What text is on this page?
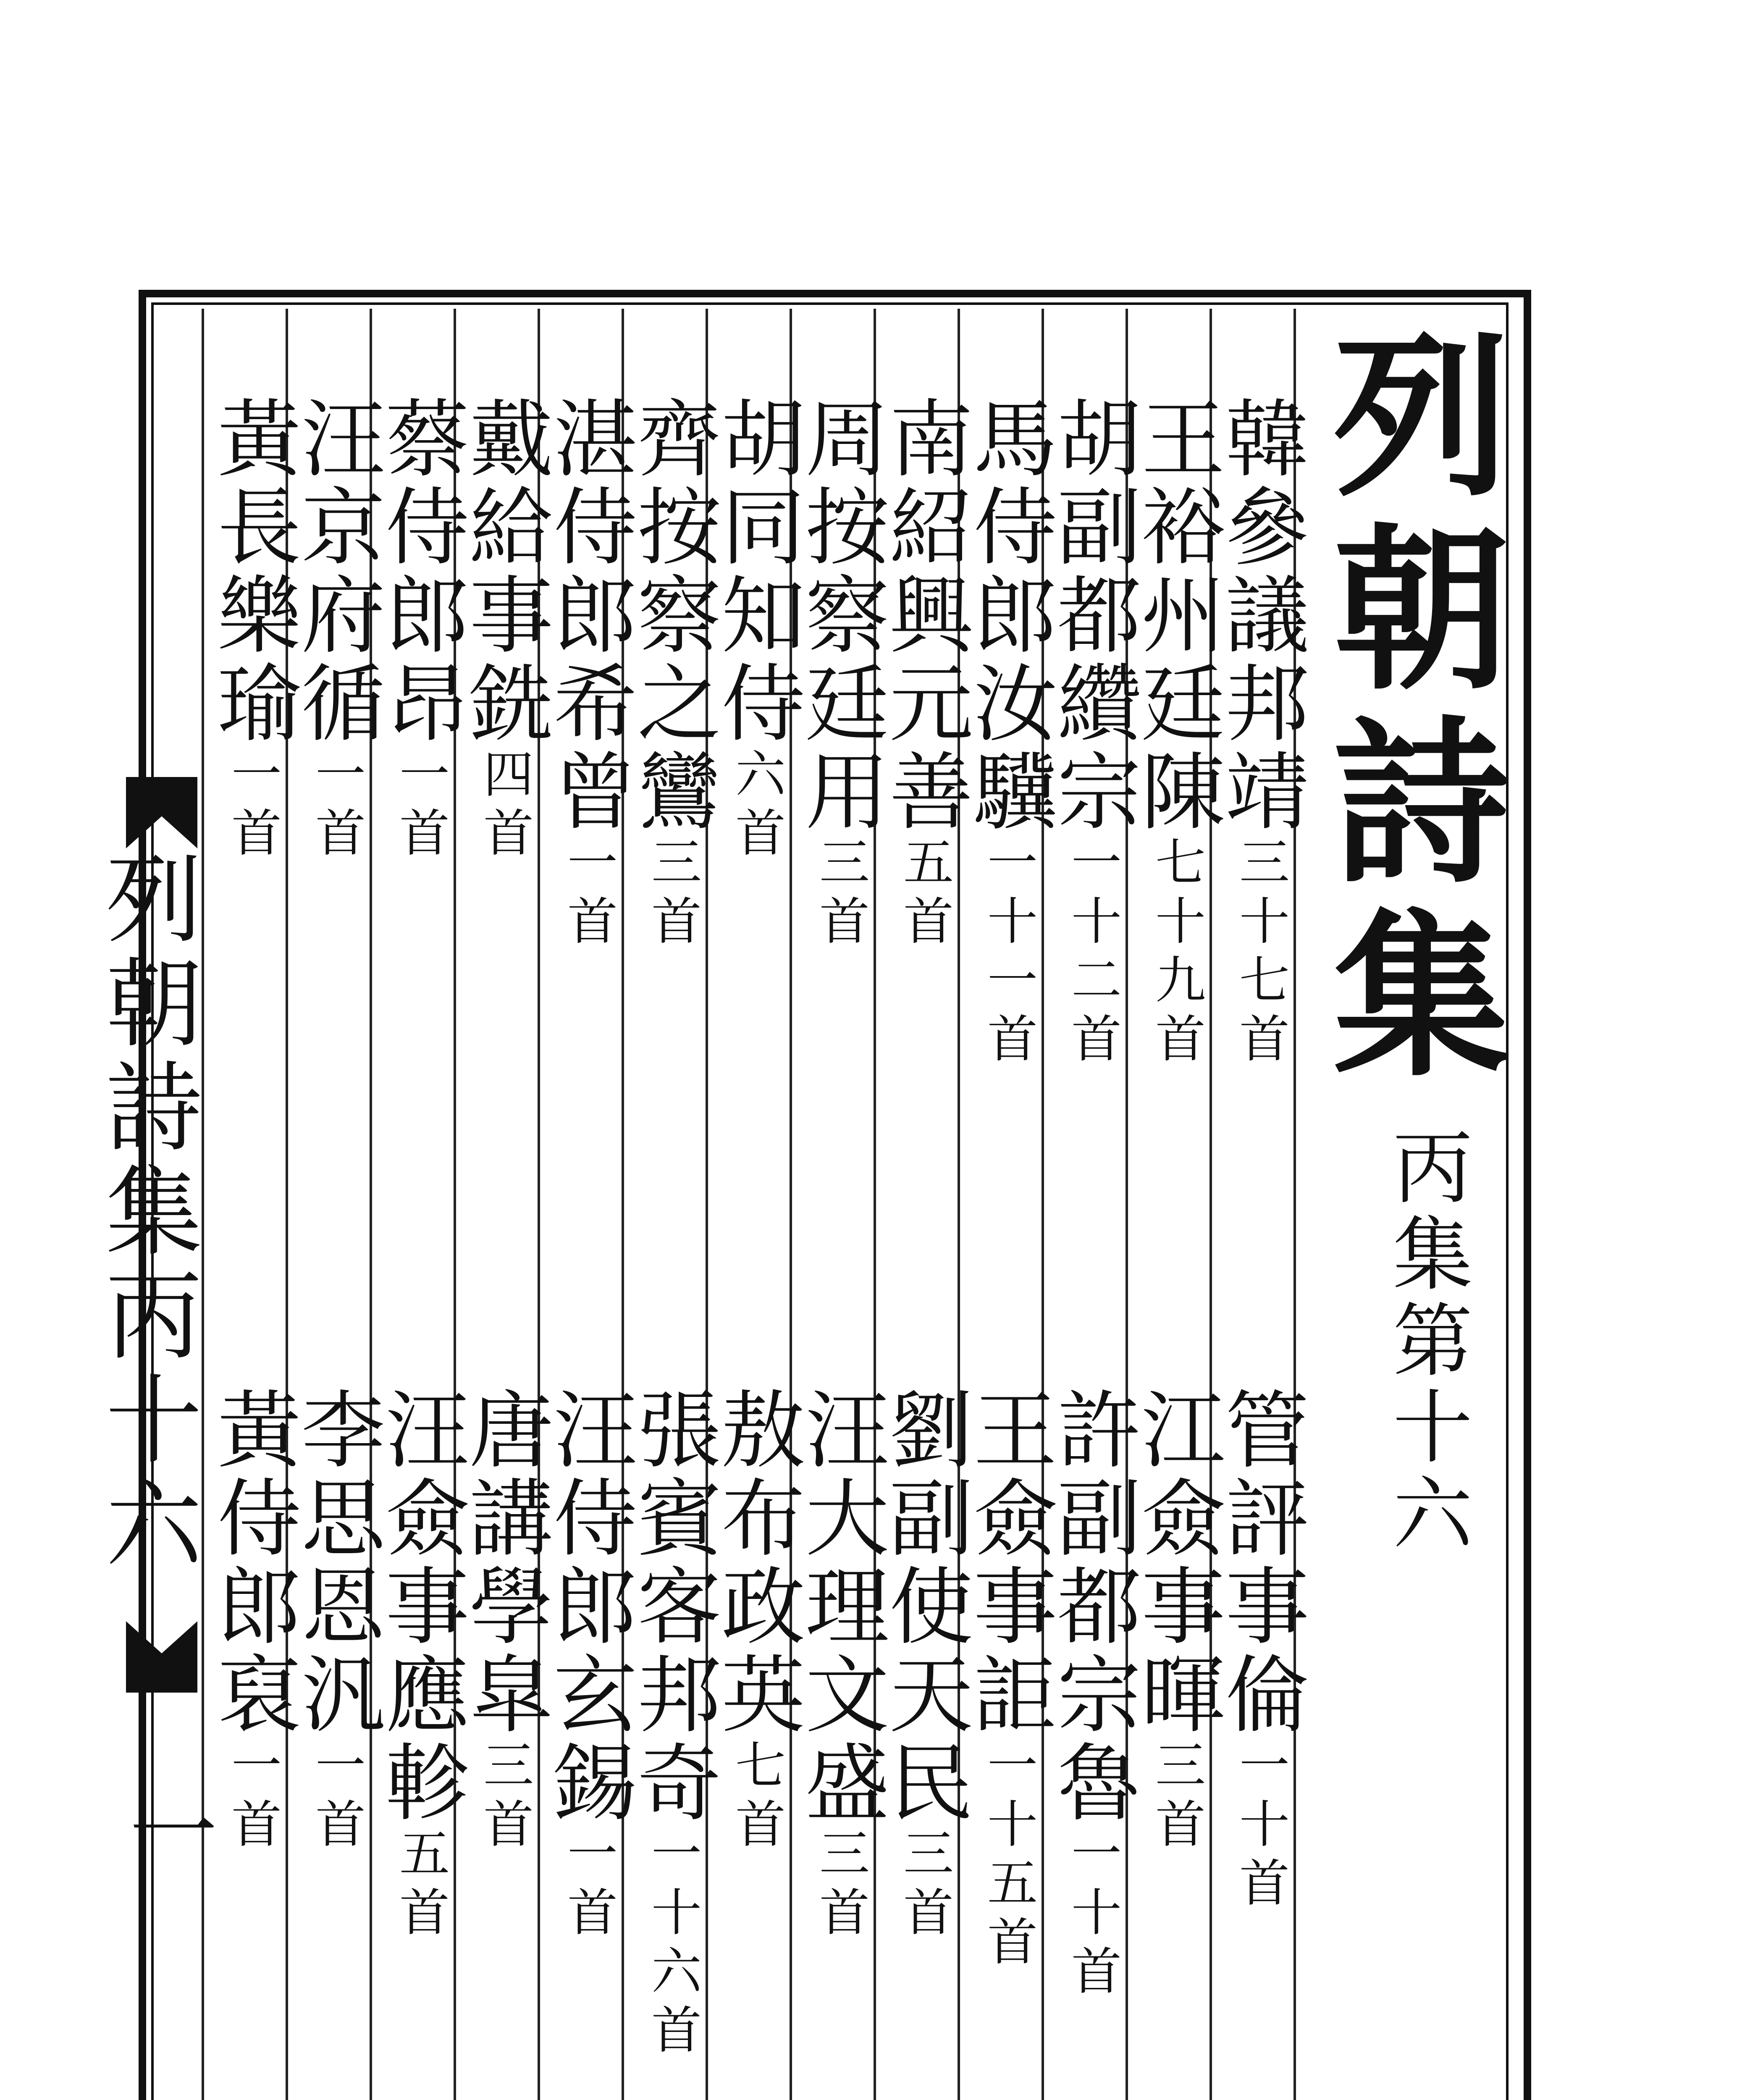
列朝詩集
丙集第十六
列朝詩集丙十六
一
韓參議邦靖三十七首
王裕州廷陳七十九首
胡副都纘宗一十二首
馬侍郎汝驥一十一首
南紹興元善五首
周按察廷用三首
胡同知侍六首
齊按察之鸞三首
湛侍郎希曾一首
戴給事銑四首
蔡侍郎昂一首
汪京府循一首
黃長樂瑜一首
管評事倫一十首
江僉事暉三首
許副都宗魯一十首
王僉事詎一十五首
劉副使天民三首
汪大理文盛三首
敖布政英七首
張賓客邦奇一十六首
汪侍郎玄錫一首
唐講學皐三首
汪僉事應軫五首
李思恩汎一首
黃侍郎裒一首
